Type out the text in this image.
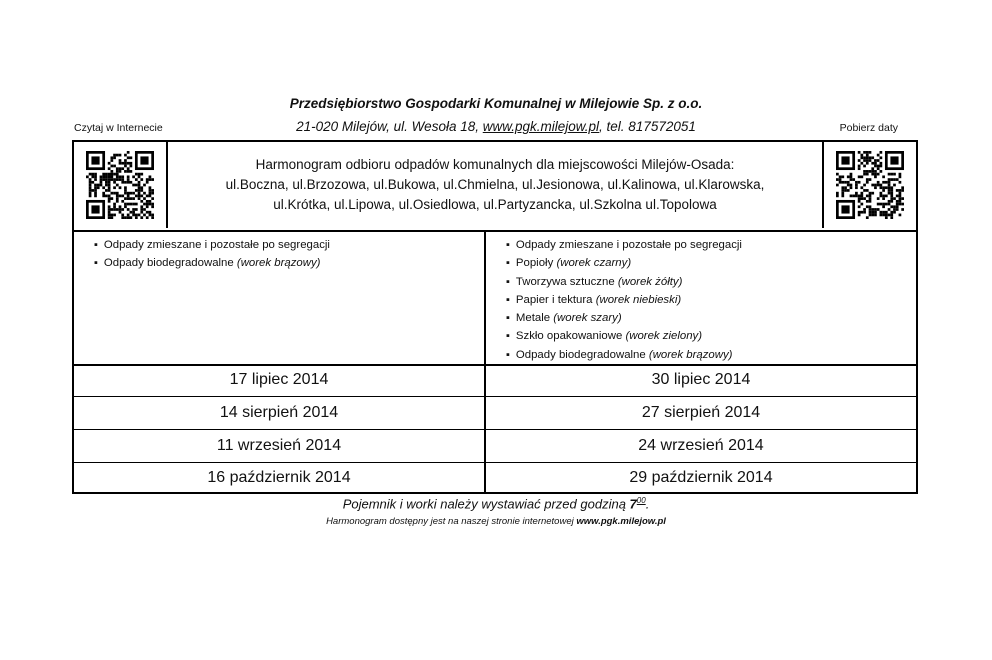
Przedsiębiorstwo Gospodarki Komunalnej w Milejowie Sp. z o.o.
21-020 Milejów, ul. Wesoła 18, www.pgk.milejow.pl, tel. 817572051
Czytaj w Internecie	Pobierz daty
Harmonogram odbioru odpadów komunalnych dla miejscowości Milejów-Osada:
ul.Boczna, ul.Brzozowa, ul.Bukowa, ul.Chmielna, ul.Jesionowa, ul.Kalinowa, ul.Klarowska,
ul.Krótka, ul.Lipowa, ul.Osiedlowa, ul.Partyzancka, ul.Szkolna ul.Topolowa
▪ Odpady zmieszane i pozostałe po segregacji
▪ Odpady biodegradowalne (worek brązowy)
▪ Odpady zmieszane i pozostałe po segregacji
▪ Popioły (worek czarny)
▪ Tworzywa sztuczne (worek żółty)
▪ Papier i tektura (worek niebieski)
▪ Metale (worek szary)
▪ Szkło opakowaniowe (worek zielony)
▪ Odpady biodegradowalne (worek brązowy)
17 lipiec 2014	30 lipiec 2014
14 sierpień 2014	27 sierpień 2014
11 wrzesień 2014	24 wrzesień 2014
16 październik 2014	29 październik 2014
Pojemnik i worki należy wystawiać przed godziną $7^{00}$.
Harmonogram dostępny jest na naszej stronie internetowej www.pgk.milejow.pl
